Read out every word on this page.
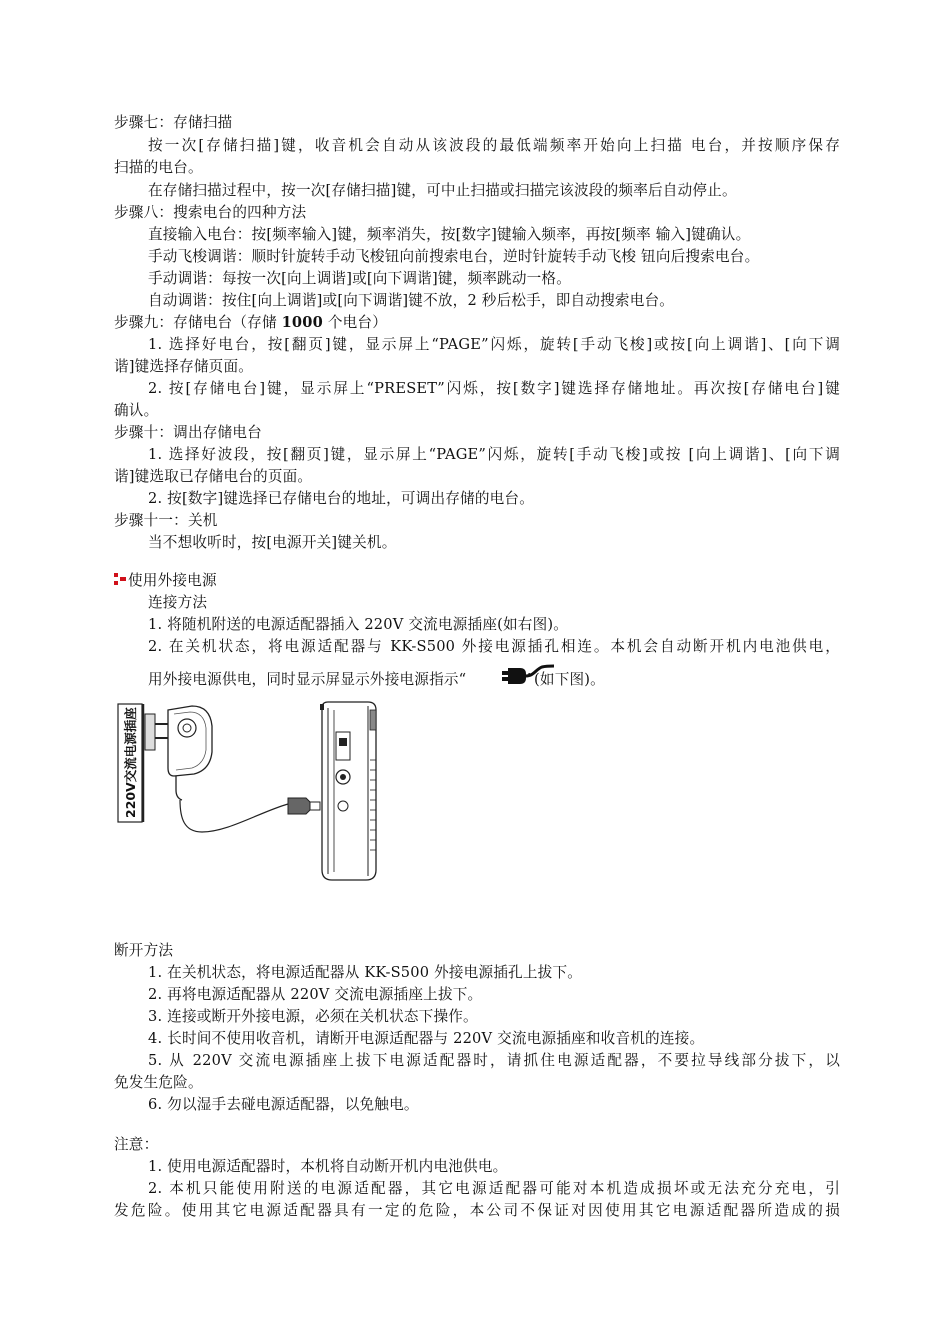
步骤七：存储扫描
按一次[存储扫描]键，收音机会自动从该波段的最低端频率开始向上扫描 电台，并按顺序保存
扫描的电台。
在存储扫描过程中，按一次[存储扫描]键，可中止扫描或扫描完该波段的频率后自动停止。
步骤八：搜索电台的四种方法
直接输入电台：按[频率输入]键，频率消失，按[数字]键输入频率，再按[频率 输入]键确认。
手动飞梭调谐：顺时针旋转手动飞梭钮向前搜索电台，逆时针旋转手动飞梭 钮向后搜索电台。
手动调谐：每按一次[向上调谐]或[向下调谐]键，频率跳动一格。
自动调谐：按住[向上调谐]或[向下调谐]键不放，2 秒后松手，即自动搜索电台。
步骤九：存储电台（存储 1000 个电台）
1. 选择好电台，按[翻页]键，显示屏上“PAGE”闪烁，旋转[手动飞梭]或按[向上调谐]、[向下调
谐]键选择存储页面。
2. 按[存储电台]键，显示屏上“PRESET”闪烁，按[数字]键选择存储地址。再次按[存储电台]键
确认。
步骤十：调出存储电台
1. 选择好波段，按[翻页]键，显示屏上“PAGE”闪烁，旋转[手动飞梭]或按 [向上调谐]、[向下调
谐]键选取已存储电台的页面。
2. 按[数字]键选择已存储电台的地址，可调出存储的电台。
步骤十一：关机
当不想收听时，按[电源开关]键关机。
使用外接电源
连接方法
1. 将随机附送的电源适配器插入 220V 交流电源插座(如右图)。
2. 在关机状态，将电源适配器与 KK-S500 外接电源插孔相连。本机会自动断开机内电池供电，
用外接电源供电，同时显示屏显示外接电源指示“	”(如下图)。
220V交流电源插座
断开方法
1. 在关机状态，将电源适配器从 KK-S500 外接电源插孔上拔下。
2. 再将电源适配器从 220V 交流电源插座上拔下。
3. 连接或断开外接电源，必须在关机状态下操作。
4. 长时间不使用收音机，请断开电源适配器与 220V 交流电源插座和收音机的连接。
5. 从 220V 交流电源插座上拔下电源适配器时，请抓住电源适配器，不要拉导线部分拔下，以
免发生危险。
6. 勿以湿手去碰电源适配器，以免触电。
注意：
1. 使用电源适配器时，本机将自动断开机内电池供电。
2. 本机只能使用附送的电源适配器，其它电源适配器可能对本机造成损坏或无法充分充电，引
发危险。使用其它电源适配器具有一定的危险，本公司不保证对因使用其它电源适配器所造成的损
